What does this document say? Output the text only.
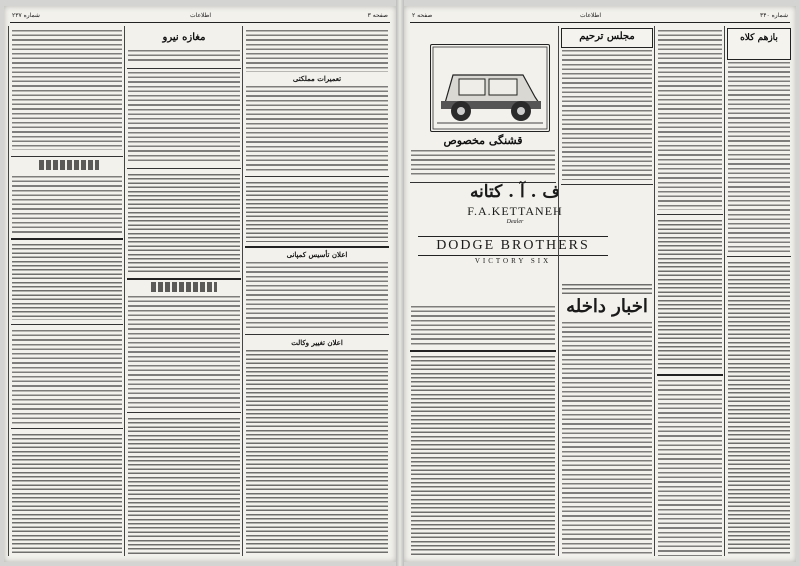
شماره ۲۳۷	اطلاعات	صفحه ۳
مغازه‌ نیرو
تعمیرات مملکتی
اعلان تأسیس کمپانی
اعلان تغییر وکالت
صفحه ۲	اطلاعات	شماره ۳۴۰
قشنگی مخصوص
ف . آ . کتانه
F.A.KETTANEH
Dealer
DODGE BROTHERS
VICTORY SIX
مجلس ترحیم
اخبار داخله
بازهم کلاه
